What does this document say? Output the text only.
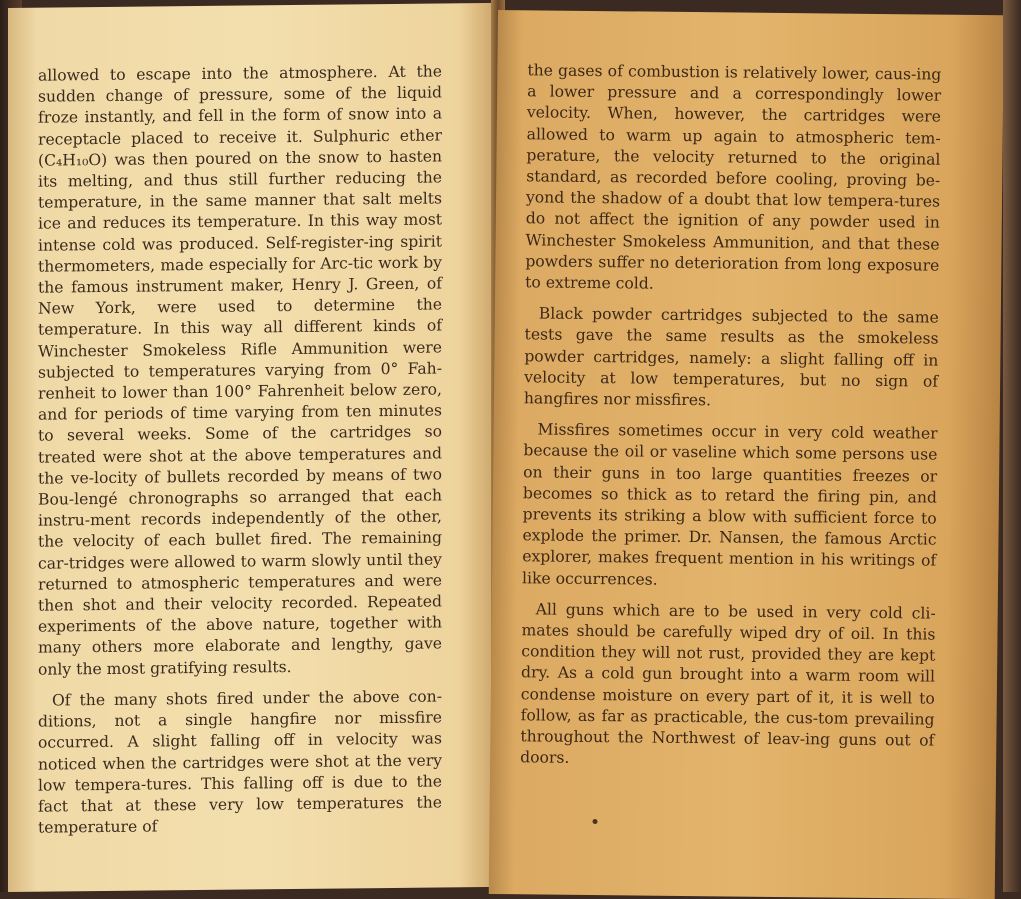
allowed to escape into the atmosphere. At the sudden change of pressure, some of the liquid froze instantly, and fell in the form of snow into a receptacle placed to receive it. Sulphuric ether (C₄H₁₀O) was then poured on the snow to hasten its melting, and thus still further reducing the temperature, in the same manner that salt melts ice and reduces its temperature. In this way most intense cold was produced. Self-register-ing spirit thermometers, made especially for Arc-tic work by the famous instrument maker, Henry J. Green, of New York, were used to determine the temperature. In this way all different kinds of Winchester Smokeless Rifle Ammunition were subjected to temperatures varying from 0° Fah-renheit to lower than 100° Fahrenheit below zero, and for periods of time varying from ten minutes to several weeks. Some of the cartridges so treated were shot at the above temperatures and the ve-locity of bullets recorded by means of two Bou-lengé chronographs so arranged that each instru-ment records independently of the other, the velocity of each bullet fired. The remaining car-tridges were allowed to warm slowly until they returned to atmospheric temperatures and were then shot and their velocity recorded. Repeated experiments of the above nature, together with many others more elaborate and lengthy, gave only the most gratifying results.

Of the many shots fired under the above con-ditions, not a single hangfire nor missfire occurred. A slight falling off in velocity was noticed when the cartridges were shot at the very low tempera-tures. This falling off is due to the fact that at these very low temperatures the temperature of

the gases of combustion is relatively lower, caus-ing a lower pressure and a correspondingly lower velocity. When, however, the cartridges were allowed to warm up again to atmospheric tem-perature, the velocity returned to the original standard, as recorded before cooling, proving be-yond the shadow of a doubt that low tempera-tures do not affect the ignition of any powder used in Winchester Smokeless Ammunition, and that these powders suffer no deterioration from long exposure to extreme cold.

Black powder cartridges subjected to the same tests gave the same results as the smokeless powder cartridges, namely: a slight falling off in velocity at low temperatures, but no sign of hangfires nor missfires.

Missfires sometimes occur in very cold weather because the oil or vaseline which some persons use on their guns in too large quantities freezes or becomes so thick as to retard the firing pin, and prevents its striking a blow with sufficient force to explode the primer. Dr. Nansen, the famous Arctic explorer, makes frequent mention in his writings of like occurrences.

All guns which are to be used in very cold cli-mates should be carefully wiped dry of oil. In this condition they will not rust, provided they are kept dry. As a cold gun brought into a warm room will condense moisture on every part of it, it is well to follow, as far as practicable, the cus-tom prevailing throughout the Northwest of leav-ing guns out of doors.
